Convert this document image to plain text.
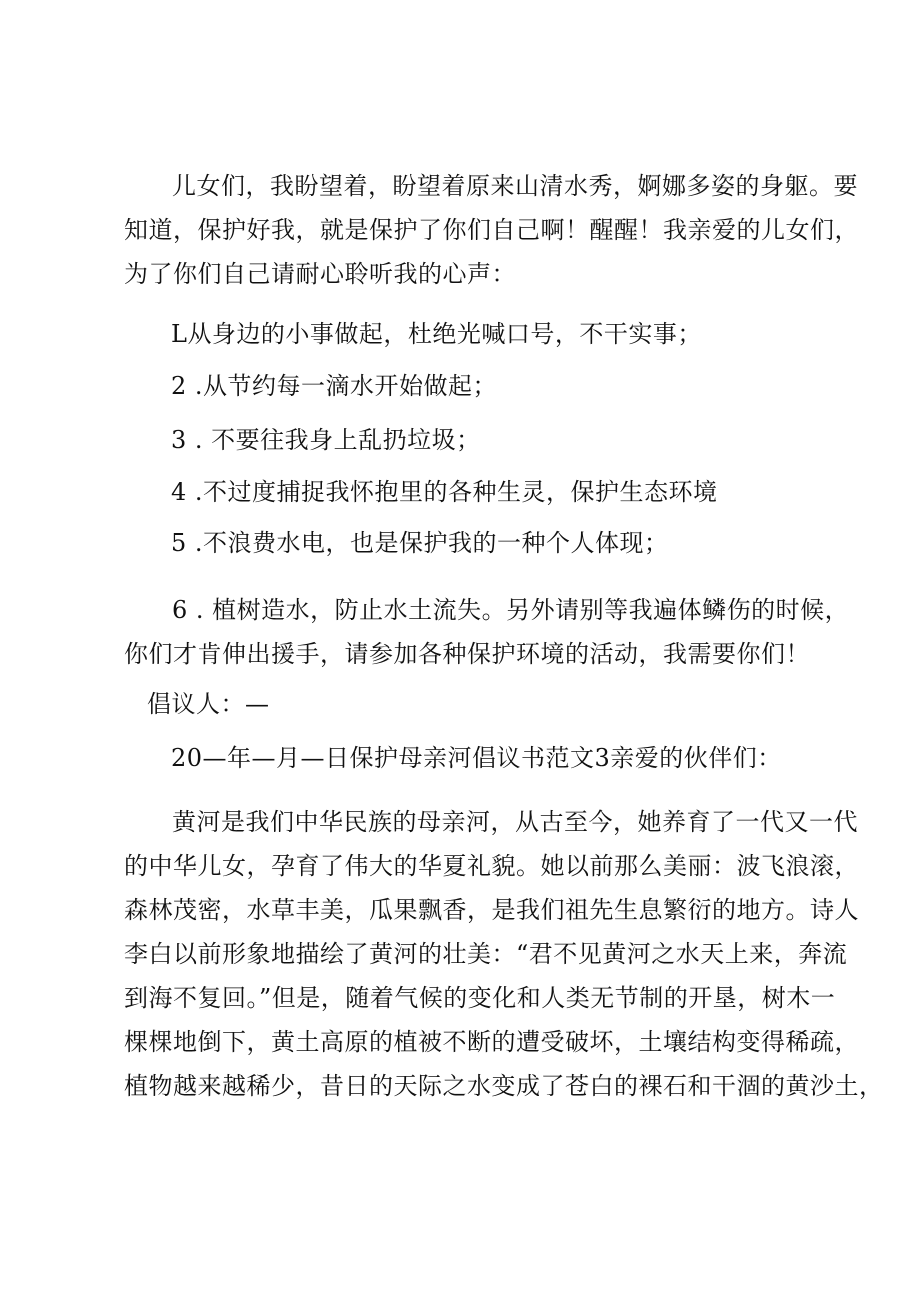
儿女们，我盼望着，盼望着原来山清水秀，婀娜多姿的身躯。要
知道，保护好我，就是保护了你们自己啊！醒醒！我亲爱的儿女们，
为了你们自己请耐心聆听我的心声：
L从身边的小事做起，杜绝光喊口号，不干实事；
2 .从节约每一滴水开始做起；
3 . 不要往我身上乱扔垃圾；
4 .不过度捕捉我怀抱里的各种生灵，保护生态环境
5 .不浪费水电，也是保护我的一种个人体现；
6 . 植树造水，防止水土流失。另外请别等我遍体鳞伤的时候，
你们才肯伸出援手，请参加各种保护环境的活动，我需要你们！
倡议人：—
20—年—月—日保护母亲河倡议书范文3亲爱的伙伴们：
黄河是我们中华民族的母亲河，从古至今，她养育了一代又一代
的中华儿女，孕育了伟大的华夏礼貌。她以前那么美丽：波飞浪滚，
森林茂密，水草丰美，瓜果飘香，是我们祖先生息繁衍的地方。诗人
李白以前形象地描绘了黄河的壮美：“君不见黄河之水天上来，奔流
到海不复回。”但是，随着气候的变化和人类无节制的开垦，树木一
棵棵地倒下，黄土高原的植被不断的遭受破坏，土壤结构变得稀疏，
植物越来越稀少，昔日的天际之水变成了苍白的裸石和干涸的黄沙土，
